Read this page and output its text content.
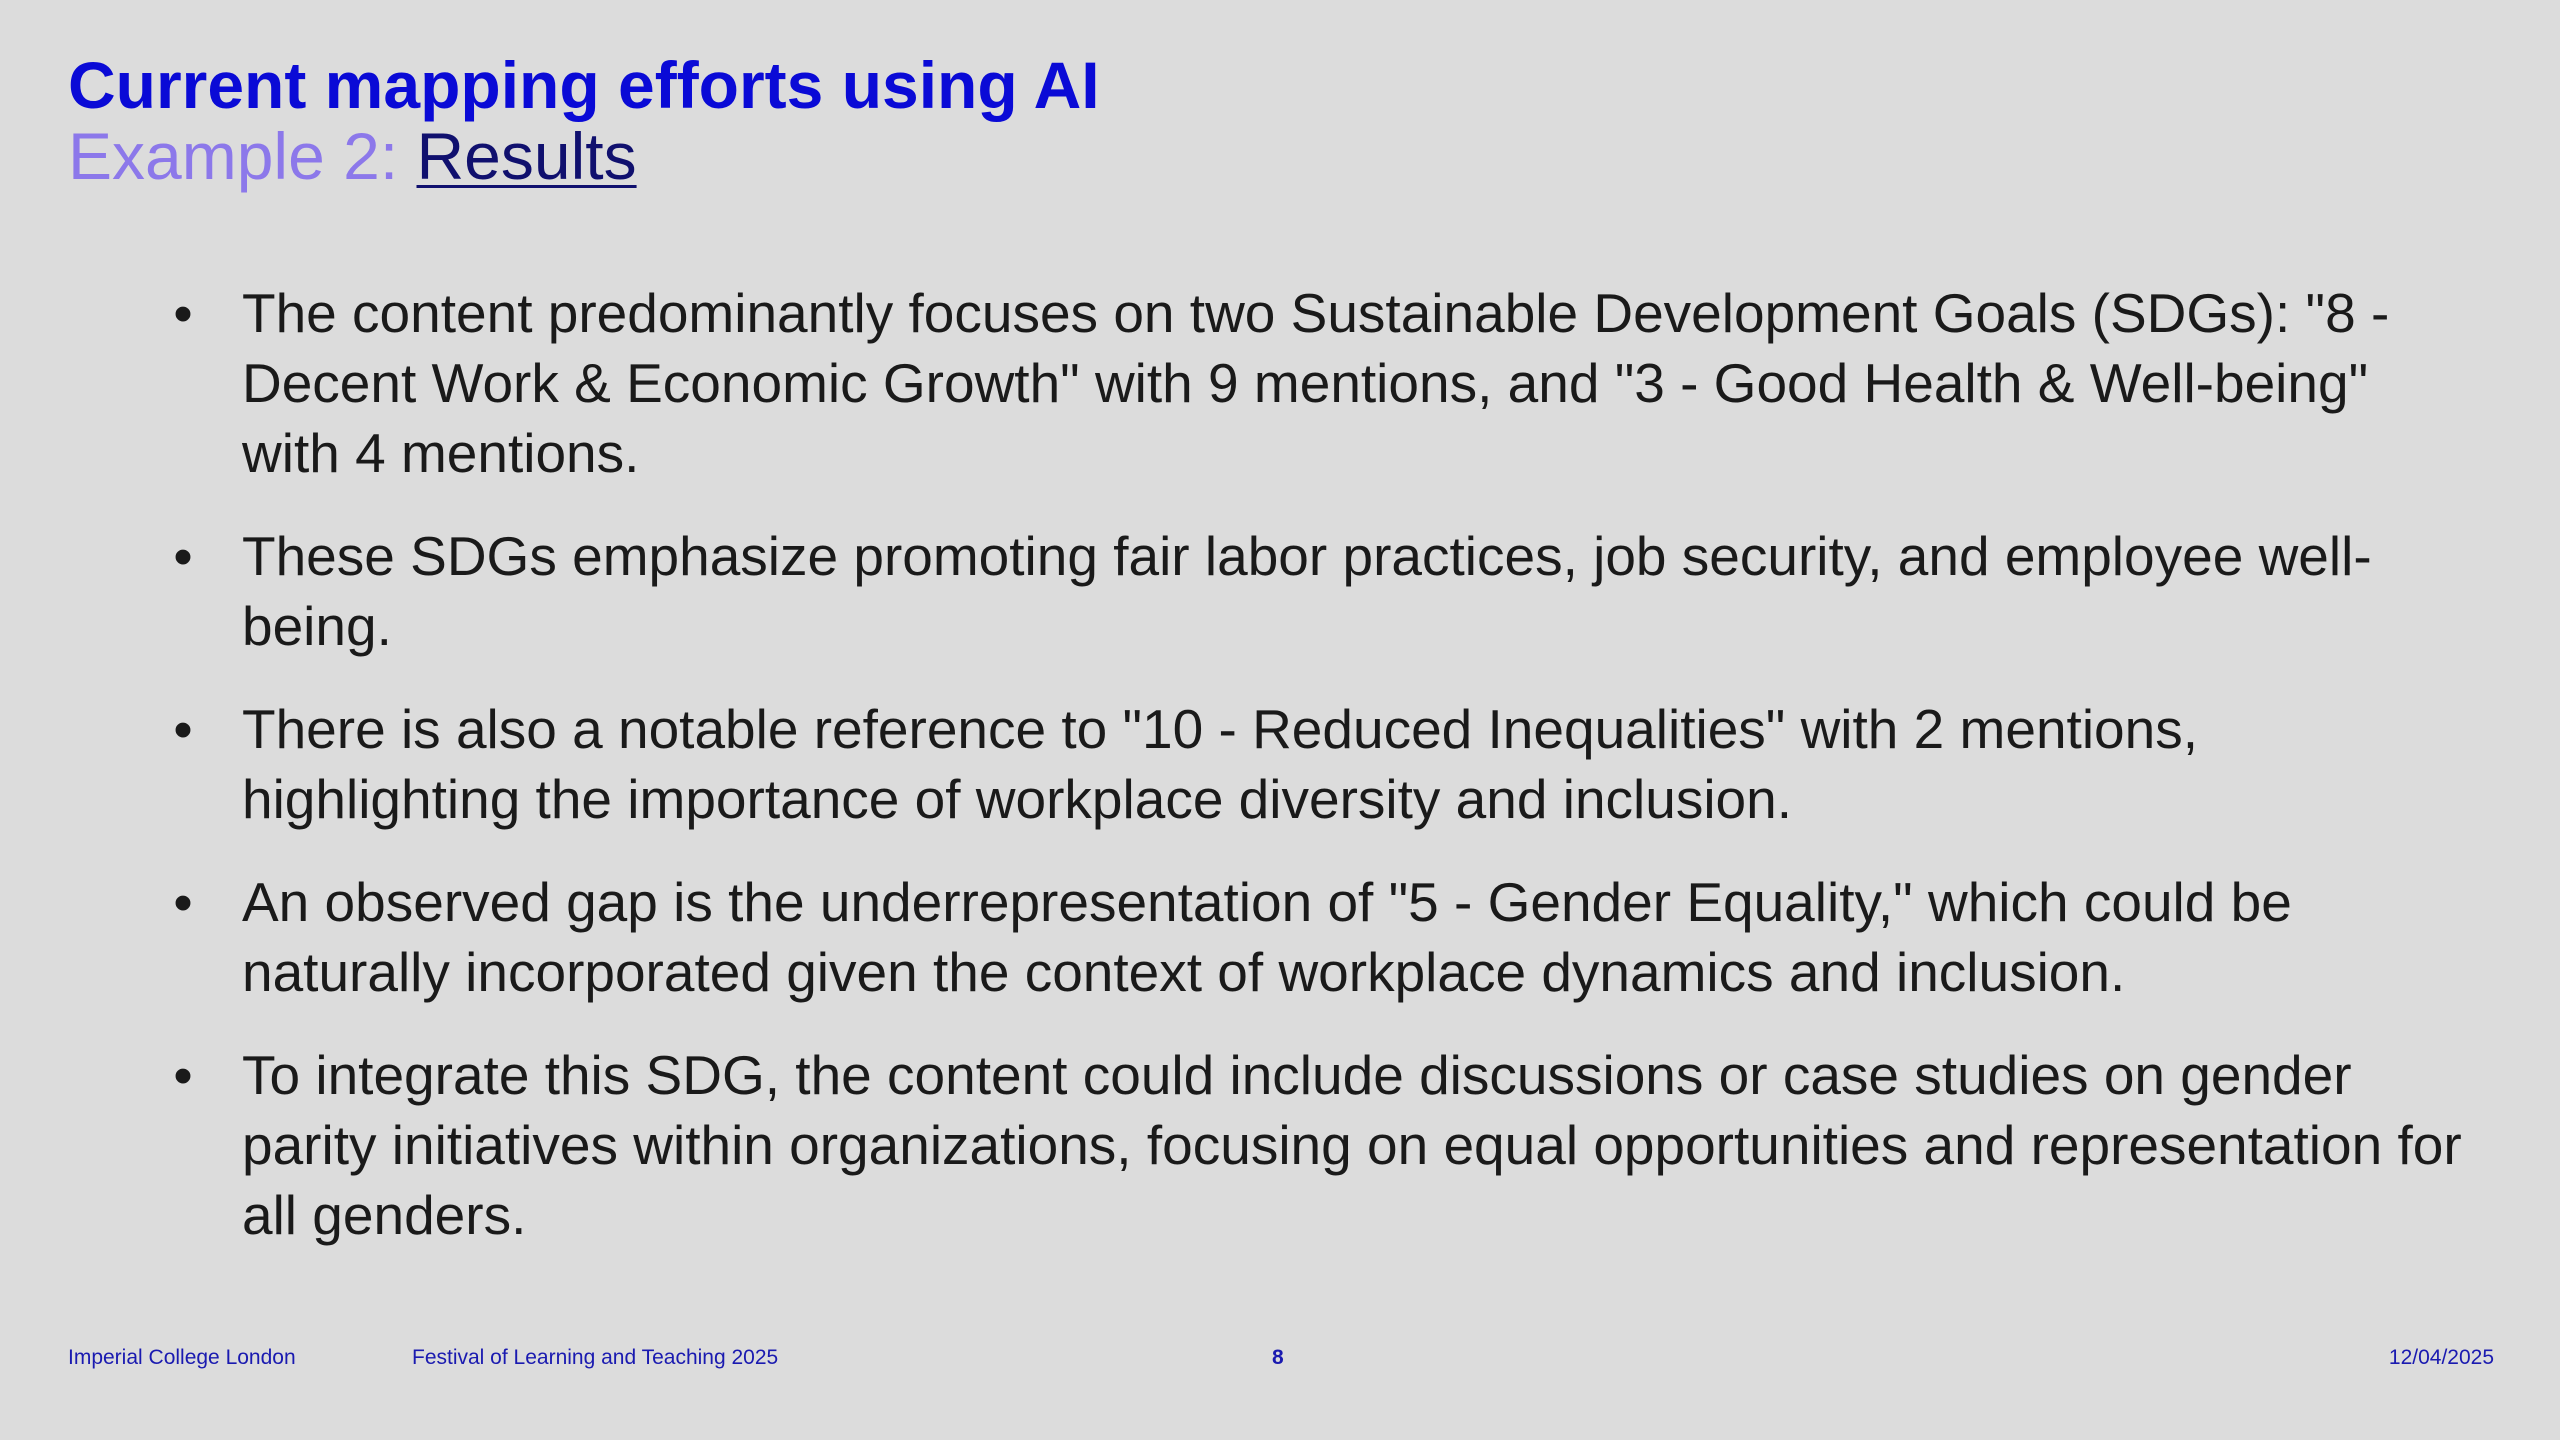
Current mapping efforts using AI

Example 2: Results

• The content predominantly focuses on two Sustainable Development Goals (SDGs): "8 - Decent Work & Economic Growth" with 9 mentions, and "3 - Good Health & Well-being" with 4 mentions.
• These SDGs emphasize promoting fair labor practices, job security, and employee well-being.
• There is also a notable reference to "10 - Reduced Inequalities" with 2 mentions, highlighting the importance of workplace diversity and inclusion.
• An observed gap is the underrepresentation of "5 - Gender Equality," which could be naturally incorporated given the context of workplace dynamics and inclusion.
• To integrate this SDG, the content could include discussions or case studies on gender parity initiatives within organizations, focusing on equal opportunities and representation for all genders.
Imperial College London	Festival of Learning and Teaching 2025	8	12/04/2025
